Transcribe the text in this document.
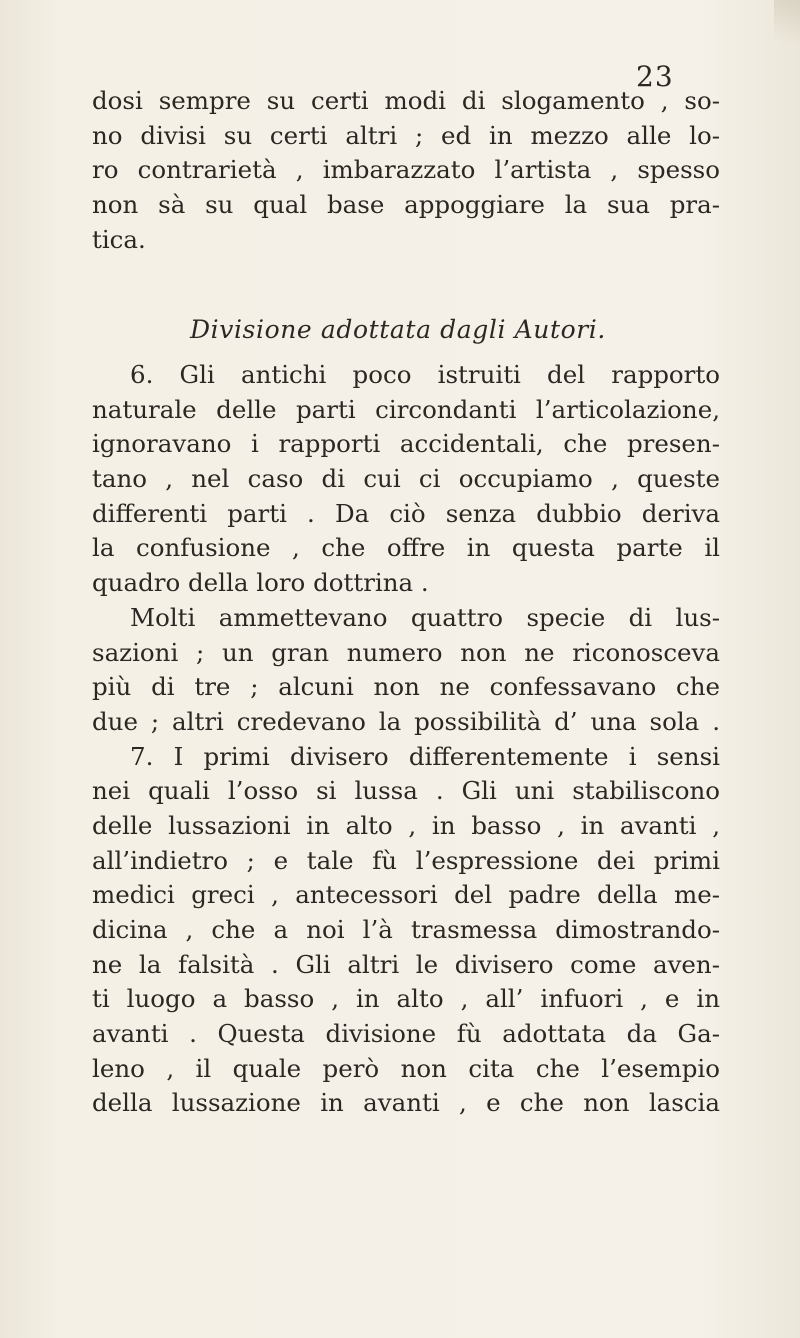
23
dosi sempre su certi modi di slogamento , so-
no divisi su certi altri ; ed in mezzo alle lo-
ro contrarietà , imbarazzato l’artista , spesso
non sà su qual base appoggiare la sua pra-
tica.
Divisione adottata dagli Autori.
6. Gli antichi poco istruiti del rapporto
naturale delle parti circondanti l’articolazione,
ignoravano i rapporti accidentali, che presen-
tano , nel caso di cui ci occupiamo , queste
differenti parti . Da ciò senza dubbio deriva
la confusione , che offre in questa parte il
quadro della loro dottrina .
Molti ammettevano quattro specie di lus-
sazioni ; un gran numero non ne riconosceva
più di tre ; alcuni non ne confessavano che
due ; altri credevano la possibilità d’ una sola .
7. I primi divisero differentemente i sensi
nei quali l’osso si lussa . Gli uni stabiliscono
delle lussazioni in alto , in basso , in avanti ,
all’indietro ; e tale fù l’espressione dei primi
medici greci , antecessori del padre della me-
dicina , che a noi l’à trasmessa dimostrando-
ne la falsità . Gli altri le divisero come aven-
ti luogo a basso , in alto , all’ infuori , e in
avanti . Questa divisione fù adottata da Ga-
leno , il quale però non cita che l’esempio
della lussazione in avanti , e che non lascia
